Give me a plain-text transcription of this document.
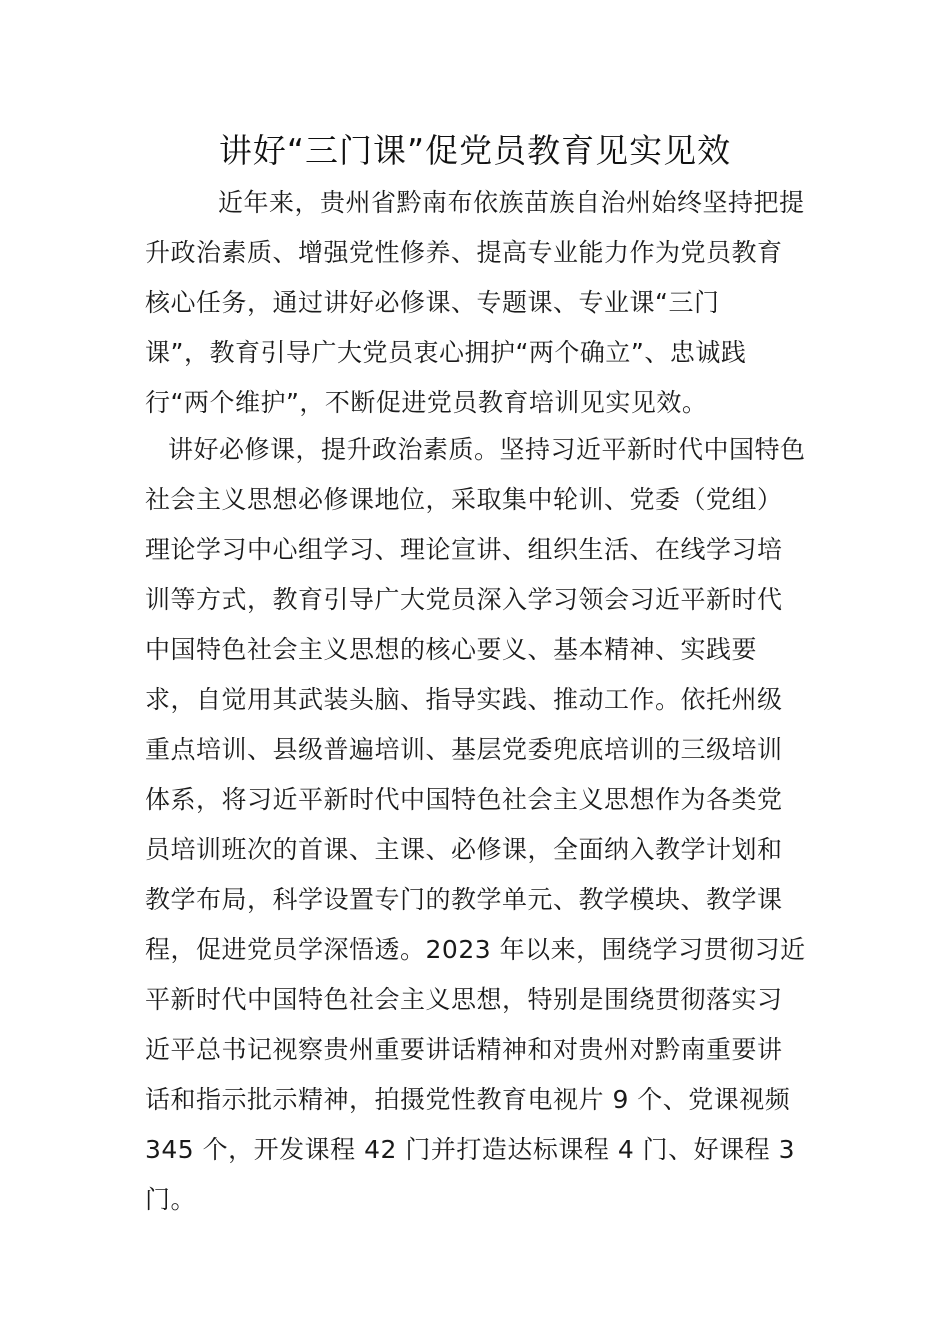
讲好“三门课”促党员教育见实见效
近年来，贵州省黔南布依族苗族自治州始终坚持把提
升政治素质、增强党性修养、提高专业能力作为党员教育
核心任务，通过讲好必修课、专题课、专业课“三门
课”，教育引导广大党员衷心拥护“两个确立”、忠诚践
行“两个维护”，不断促进党员教育培训见实见效。
讲好必修课，提升政治素质。坚持习近平新时代中国特色
社会主义思想必修课地位，采取集中轮训、党委（党组）
理论学习中心组学习、理论宣讲、组织生活、在线学习培
训等方式，教育引导广大党员深入学习领会习近平新时代
中国特色社会主义思想的核心要义、基本精神、实践要
求，自觉用其武装头脑、指导实践、推动工作。依托州级
重点培训、县级普遍培训、基层党委兜底培训的三级培训
体系，将习近平新时代中国特色社会主义思想作为各类党
员培训班次的首课、主课、必修课，全面纳入教学计划和
教学布局，科学设置专门的教学单元、教学模块、教学课
程，促进党员学深悟透。2023 年以来，围绕学习贯彻习近
平新时代中国特色社会主义思想，特别是围绕贯彻落实习
近平总书记视察贵州重要讲话精神和对贵州对黔南重要讲
话和指示批示精神，拍摄党性教育电视片 9 个、党课视频
345 个，开发课程 42 门并打造达标课程 4 门、好课程 3
门。
